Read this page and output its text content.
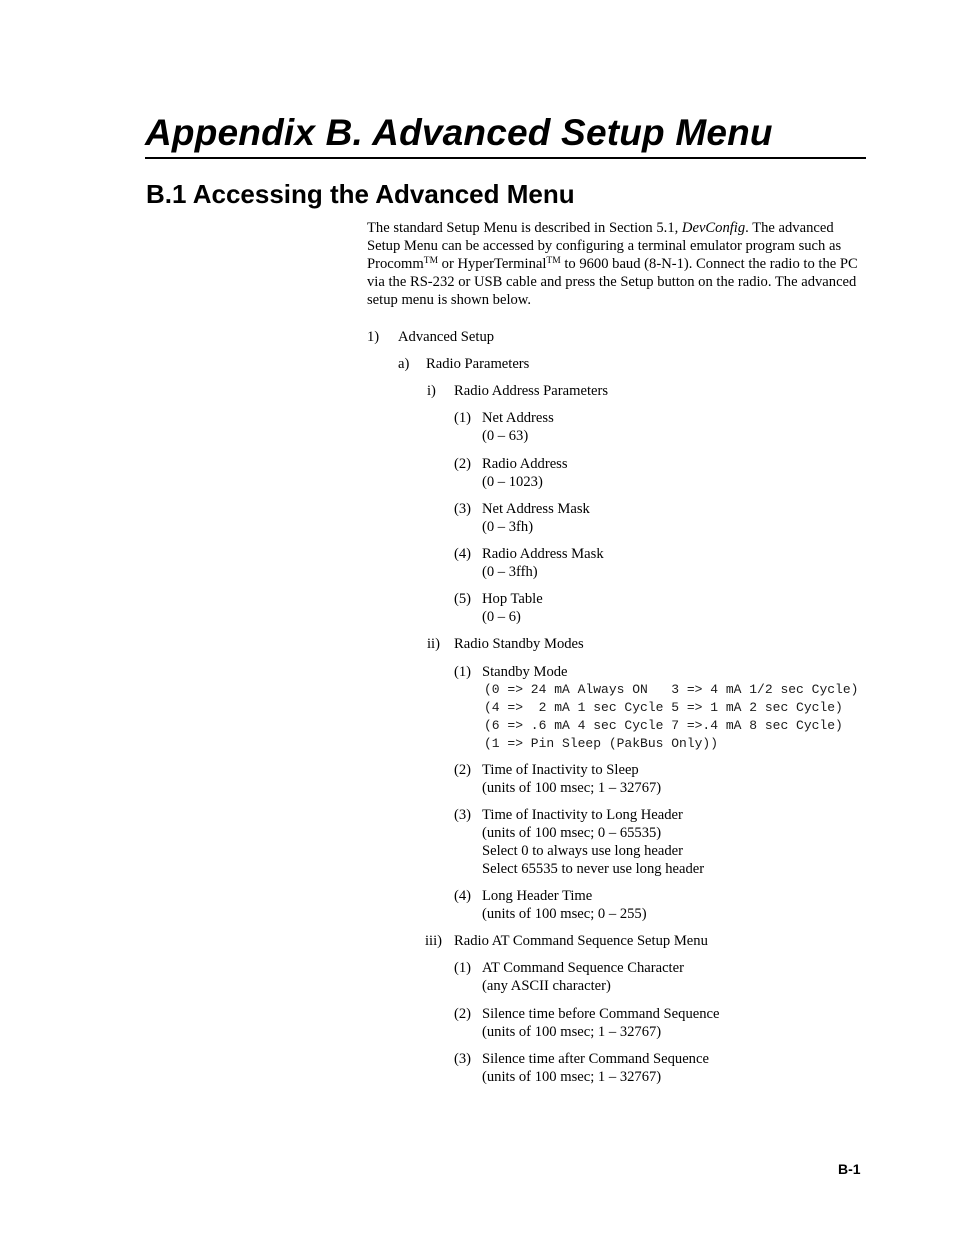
Appendix B. Advanced Setup Menu
B.1 Accessing the Advanced Menu

The standard Setup Menu is described in Section 5.1, DevConfig. The advanced Setup Menu can be accessed by configuring a terminal emulator program such as Procomm™ or HyperTerminal™ to 9600 baud (8-N-1). Connect the radio to the PC via the RS-232 or USB cable and press the Setup button on the radio. The advanced setup menu is shown below.

1) Advanced Setup
a) Radio Parameters
i) Radio Address Parameters
(1) Net Address
(0 – 63)
(2) Radio Address
(0 – 1023)
(3) Net Address Mask
(0 – 3fh)
(4) Radio Address Mask
(0 – 3ffh)
(5) Hop Table
(0 – 6)
ii) Radio Standby Modes
(1) Standby Mode
(0 => 24 mA Always ON   3 => 4 mA 1/2 sec Cycle)
(4 =>  2 mA 1 sec Cycle 5 => 1 mA 2 sec Cycle)
(6 => .6 mA 4 sec Cycle 7 =>.4 mA 8 sec Cycle)
(1 => Pin Sleep (PakBus Only))
(2) Time of Inactivity to Sleep
(units of 100 msec; 1 – 32767)
(3) Time of Inactivity to Long Header
(units of 100 msec; 0 – 65535)
Select 0 to always use long header
Select 65535 to never use long header
(4) Long Header Time
(units of 100 msec; 0 – 255)
iii) Radio AT Command Sequence Setup Menu
(1) AT Command Sequence Character
(any ASCII character)
(2) Silence time before Command Sequence
(units of 100 msec; 1 – 32767)
(3) Silence time after Command Sequence
(units of 100 msec; 1 – 32767)
B-1
